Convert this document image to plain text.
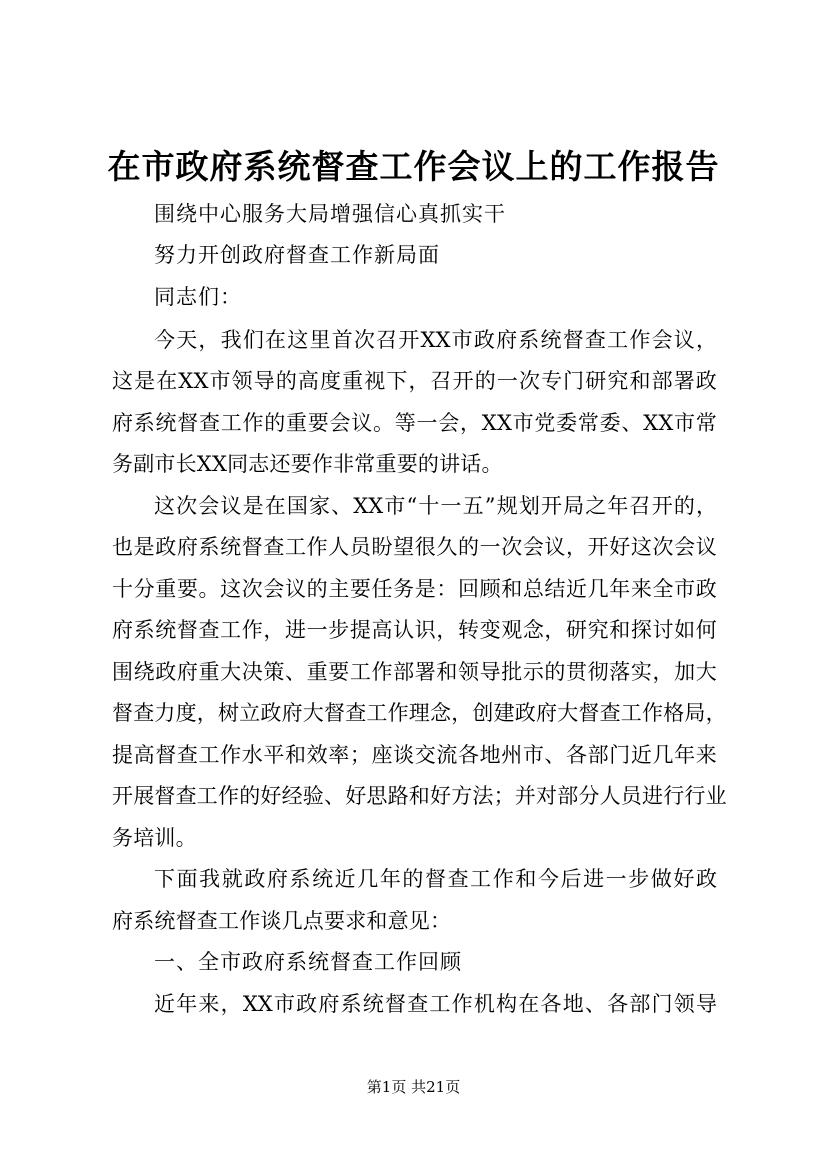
在市政府系统督查工作会议上的工作报告
围绕中心服务大局增强信心真抓实干
努力开创政府督查工作新局面
同志们：
今天，我们在这里首次召开XX市政府系统督查工作会议，
这是在XX市领导的高度重视下，召开的一次专门研究和部署政
府系统督查工作的重要会议。等一会，XX市党委常委、XX市常
务副市长XX同志还要作非常重要的讲话。
这次会议是在国家、XX市“十一五”规划开局之年召开的，
也是政府系统督查工作人员盼望很久的一次会议，开好这次会议
十分重要。这次会议的主要任务是：回顾和总结近几年来全市政
府系统督查工作，进一步提高认识，转变观念，研究和探讨如何
围绕政府重大决策、重要工作部署和领导批示的贯彻落实，加大
督查力度，树立政府大督查工作理念，创建政府大督查工作格局，
提高督查工作水平和效率；座谈交流各地州市、各部门近几年来
开展督查工作的好经验、好思路和好方法；并对部分人员进行行业
务培训。
下面我就政府系统近几年的督查工作和今后进一步做好政
府系统督查工作谈几点要求和意见：
一、全市政府系统督查工作回顾
近年来，XX市政府系统督查工作机构在各地、各部门领导
第1页 共21页
